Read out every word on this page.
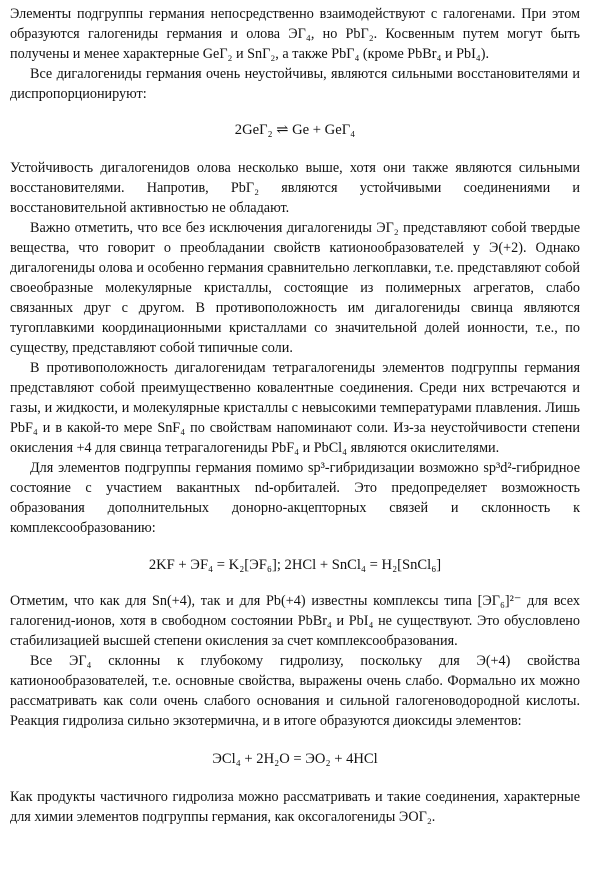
Элементы подгруппы германия непосредственно взаимодействуют с галогенами. При этом образуются галогениды германия и олова ЭГ₄, но PbГ₂. Косвенным путем могут быть получены и менее характерные GeГ₂ и SnГ₂, а также PbГ₄ (кроме PbBr₄ и PbI₄).

Все дигалогениды германия очень неустойчивы, являются сильными восстановителями и диспропорционируют:

2GeГ₂ ⇌ Ge + GeГ₄

Устойчивость дигалогенидов олова несколько выше, хотя они также являются сильными восстановителями. Напротив, PbГ₂ являются устойчивыми соединениями и восстановительной активностью не обладают.

Важно отметить, что все без исключения дигалогениды ЭГ₂ представляют собой твердые вещества, что говорит о преобладании свойств катионообразователей у Э(+2). Однако дигалогениды олова и особенно германия сравнительно легкоплавки, т.е. представляют собой своеобразные молекулярные кристаллы, состоящие из полимерных агрегатов, слабо связанных друг с другом. В противоположность им дигалогениды свинца являются тугоплавкими координационными кристаллами со значительной долей ионности, т.е., по существу, представляют собой типичные соли.

В противоположность дигалогенидам тетрагалогениды элементов подгруппы германия представляют собой преимущественно ковалентные соединения. Среди них встречаются и газы, и жидкости, и молекулярные кристаллы с невысокими температурами плавления. Лишь PbF₄ и в какой-то мере SnF₄ по свойствам напоминают соли. Из-за неустойчивости степени окисления +4 для свинца тетрагалогениды PbF₄ и PbCl₄ являются окислителями.

Для элементов подгруппы германия помимо sp³-гибридизации возможно sp³d²-гибридное состояние с участием вакантных nd-орбиталей. Это предопределяет возможность образования дополнительных донорно-акцепторных связей и склонность к комплексообразованию:

2KF + ЭF₄ = K₂[ЭF₆]; 2HCl + SnCl₄ = H₂[SnCl₆]

Отметим, что как для Sn(+4), так и для Pb(+4) известны комплексы типа [ЭГ₆]²⁻ для всех галогенид-ионов, хотя в свободном состоянии PbBr₄ и PbI₄ не существуют. Это обусловлено стабилизацией высшей степени окисления за счет комплексообразования.

Все ЭГ₄ склонны к глубокому гидролизу, поскольку для Э(+4) свойства катионообразователей, т.е. основные свойства, выражены очень слабо. Формально их можно рассматривать как соли очень слабого основания и сильной галогеноводородной кислоты. Реакция гидролиза сильно экзотермична, и в итоге образуются диоксиды элементов:

ЭCl₄ + 2H₂O = ЭO₂ + 4HCl

Как продукты частичного гидролиза можно рассматривать и такие соединения, характерные для химии элементов подгруппы германия, как оксогалогениды ЭОГ₂.
